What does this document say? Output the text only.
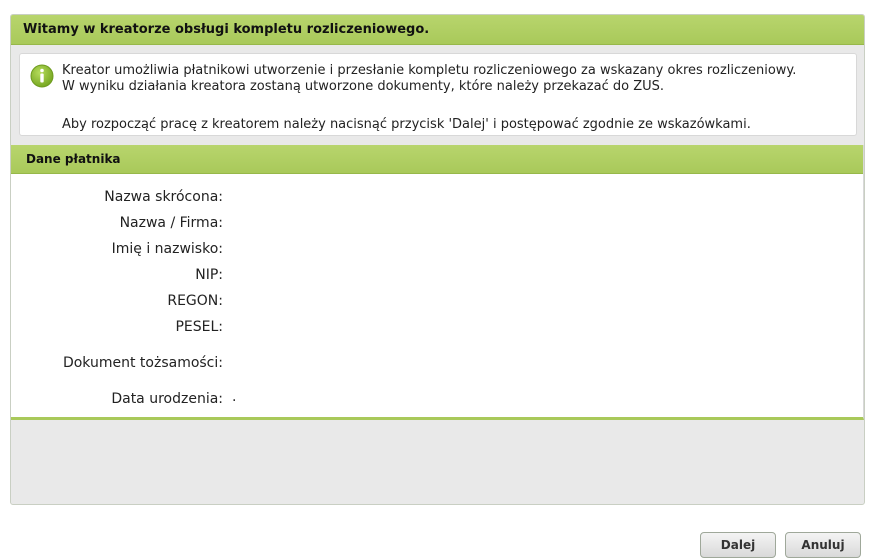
Witamy w kreatorze obsługi kompletu rozliczeniowego.
Kreator umożliwia płatnikowi utworzenie i przesłanie kompletu rozliczeniowego za wskazany okres rozliczeniowy.
W wyniku działania kreatora zostaną utworzone dokumenty, które należy przekazać do ZUS.
Aby rozpocząć pracę z kreatorem należy nacisnąć przycisk 'Dalej' i postępować zgodnie ze wskazówkami.
Dane płatnika
Nazwa skrócona:
Nazwa / Firma:
Imię i nazwisko:
NIP:
REGON:
PESEL:
Dokument tożsamości:
Data urodzenia: .
Dalej	Anuluj
